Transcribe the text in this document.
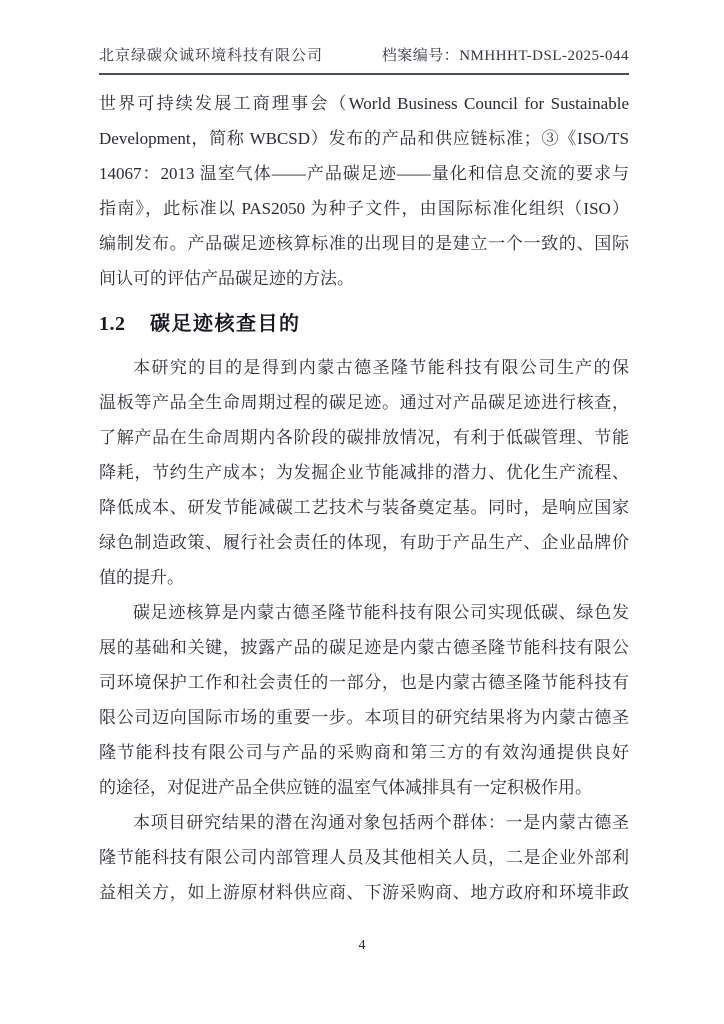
北京绿碳众诚环境科技有限公司	档案编号：NMHHHT-DSL-2025-044
世界可持续发展工商理事会（World Business Council for Sustainable
Development，简称 WBCSD）发布的产品和供应链标准；③《ISO/TS
14067：2013 温室气体——产品碳足迹——量化和信息交流的要求与
指南》，此标准以 PAS2050 为种子文件，由国际标准化组织（ISO）
编制发布。产品碳足迹核算标准的出现目的是建立一个一致的、国际
间认可的评估产品碳足迹的方法。
1.2 碳足迹核查目的
本研究的目的是得到内蒙古德圣隆节能科技有限公司生产的保
温板等产品全生命周期过程的碳足迹。通过对产品碳足迹进行核查，
了解产品在生命周期内各阶段的碳排放情况，有利于低碳管理、节能
降耗，节约生产成本；为发掘企业节能减排的潜力、优化生产流程、
降低成本、研发节能减碳工艺技术与装备奠定基。同时，是响应国家
绿色制造政策、履行社会责任的体现，有助于产品生产、企业品牌价
值的提升。
碳足迹核算是内蒙古德圣隆节能科技有限公司实现低碳、绿色发
展的基础和关键，披露产品的碳足迹是内蒙古德圣隆节能科技有限公
司环境保护工作和社会责任的一部分，也是内蒙古德圣隆节能科技有
限公司迈向国际市场的重要一步。本项目的研究结果将为内蒙古德圣
隆节能科技有限公司与产品的采购商和第三方的有效沟通提供良好
的途径，对促进产品全供应链的温室气体减排具有一定积极作用。
本项目研究结果的潜在沟通对象包括两个群体：一是内蒙古德圣
隆节能科技有限公司内部管理人员及其他相关人员，二是企业外部利
益相关方，如上游原材料供应商、下游采购商、地方政府和环境非政
4
